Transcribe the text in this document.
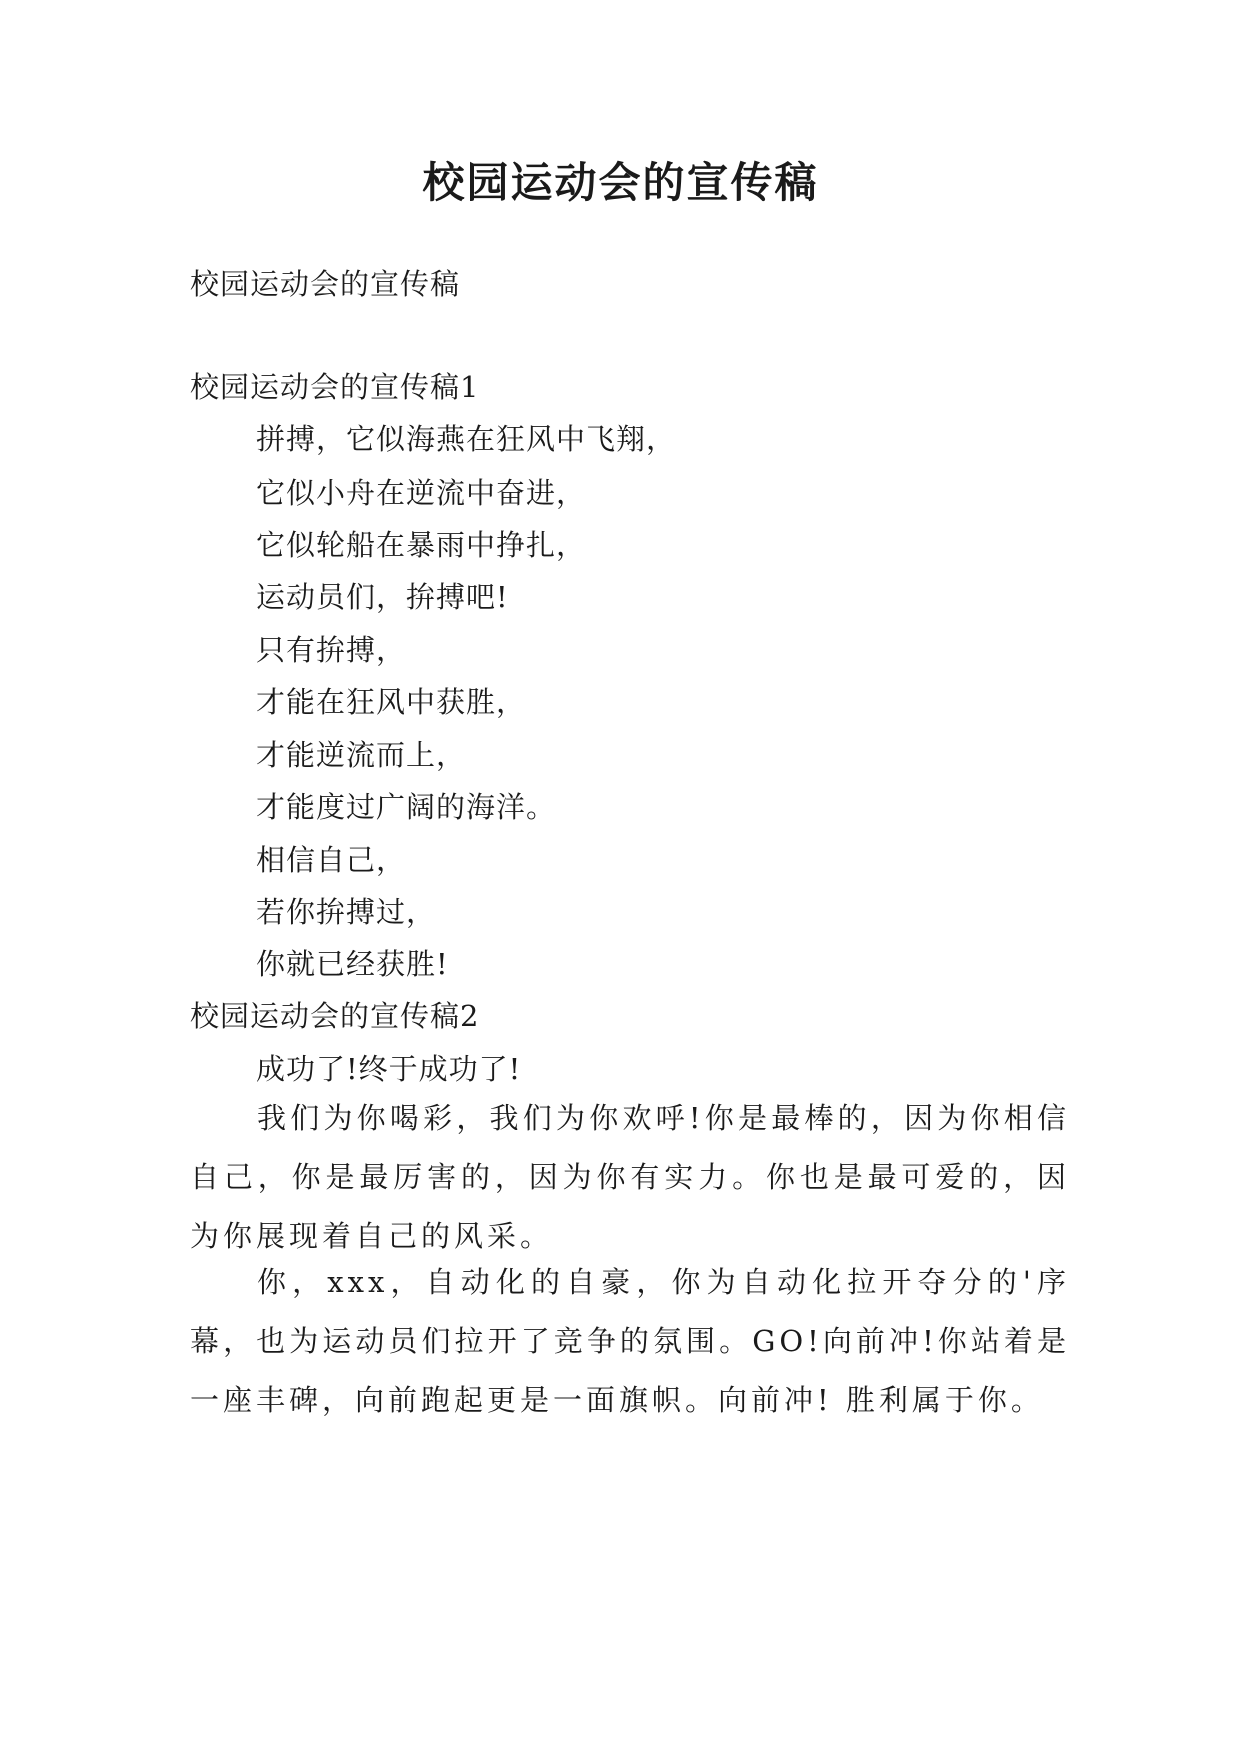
校园运动会的宣传稿
校园运动会的宣传稿
校园运动会的宣传稿1
拼搏，它似海燕在狂风中飞翔，
它似小舟在逆流中奋进，
它似轮船在暴雨中挣扎，
运动员们，拚搏吧!
只有拚搏，
才能在狂风中获胜，
才能逆流而上，
才能度过广阔的海洋。
相信自己，
若你拚搏过，
你就已经获胜!
校园运动会的宣传稿2
成功了!终于成功了!
我们为你喝彩，我们为你欢呼!你是最棒的，因为你相信自己，你是最厉害的，因为你有实力。你也是最可爱的，因为你展现着自己的风采。
你，xxx，自动化的自豪，你为自动化拉开夺分的'序幕，也为运动员们拉开了竞争的氛围。GO!向前冲!你站着是一座丰碑，向前跑起更是一面旗帜。向前冲! 胜利属于你。
